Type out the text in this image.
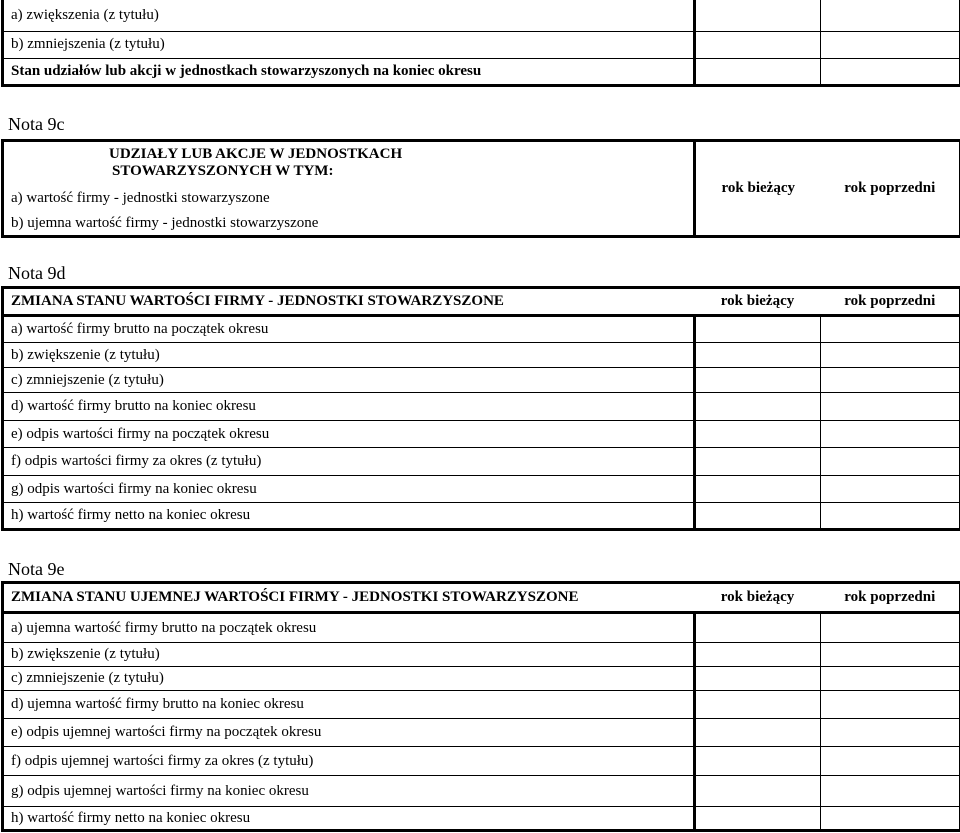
a) zwiększenia (z tytułu)		
b) zmniejszenia (z tytułu)		
Stan udziałów lub akcji w jednostkach stowarzyszonych na koniec okresu		
Nota 9c
UDZIAŁY LUB AKCJE W JEDNOSTKACH
STOWARZYSZONYCH W TYM:
	rok bieżący	rok poprzedni
a) wartość firmy - jednostki stowarzyszone
b) ujemna wartość firmy - jednostki stowarzyszone
Nota 9d
ZMIANA STANU WARTOŚCI FIRMY - JEDNOSTKI STOWARZYSZONE	rok bieżący	rok poprzedni
a) wartość firmy brutto na początek okresu		
b) zwiększenie (z tytułu)		
c) zmniejszenie (z tytułu)		
d) wartość firmy brutto na koniec okresu		
e) odpis wartości firmy na początek okresu		
f) odpis wartości firmy za okres (z tytułu)		
g) odpis wartości firmy na koniec okresu		
h) wartość firmy netto na koniec okresu		
Nota 9e
ZMIANA STANU UJEMNEJ WARTOŚCI FIRMY - JEDNOSTKI STOWARZYSZONE	rok bieżący	rok poprzedni
a) ujemna wartość firmy brutto na początek okresu		
b) zwiększenie (z tytułu)		
c) zmniejszenie (z tytułu)		
d) ujemna wartość firmy brutto na koniec okresu		
e) odpis ujemnej wartości firmy na początek okresu		
f) odpis ujemnej wartości firmy za okres (z tytułu)		
g) odpis ujemnej wartości firmy na koniec okresu		
h) wartość firmy netto na koniec okresu		
